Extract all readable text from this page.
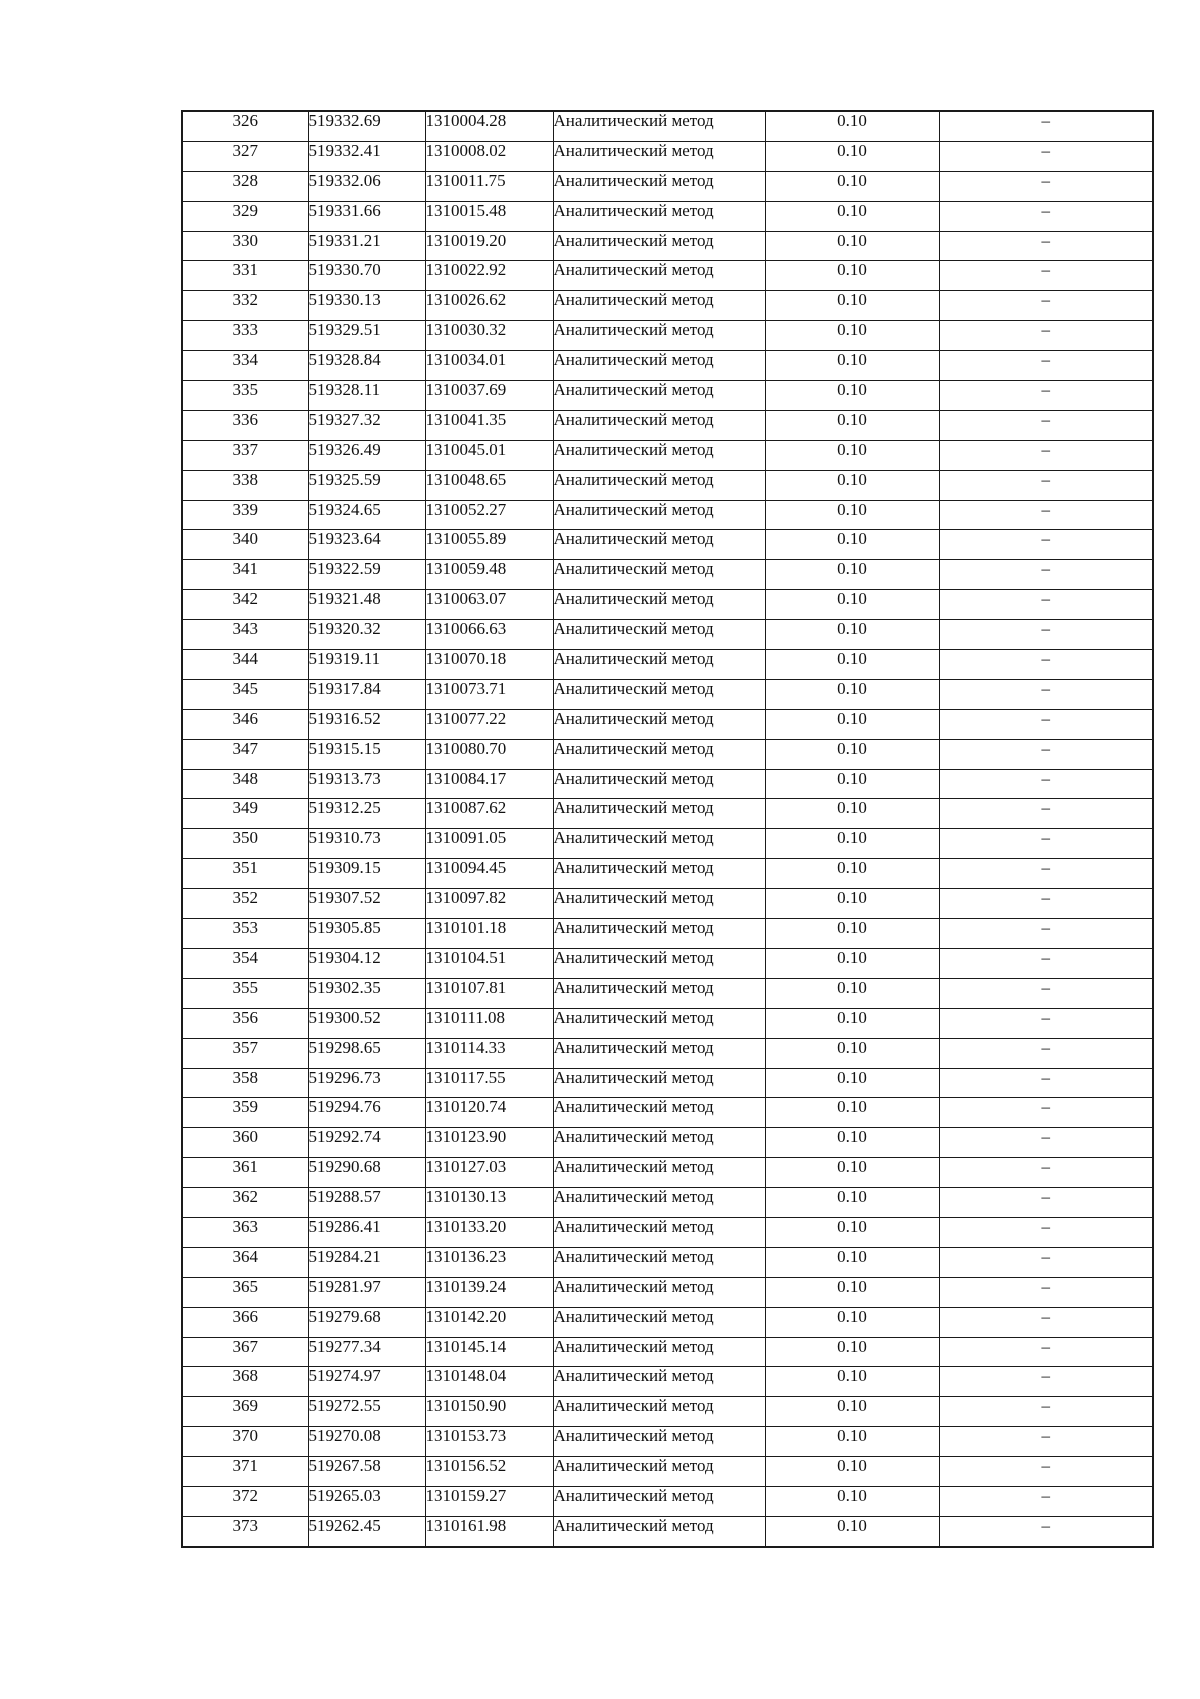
326	519332.69	1310004.28	Аналитический метод	0.10	–
327	519332.41	1310008.02	Аналитический метод	0.10	–
328	519332.06	1310011.75	Аналитический метод	0.10	–
329	519331.66	1310015.48	Аналитический метод	0.10	–
330	519331.21	1310019.20	Аналитический метод	0.10	–
331	519330.70	1310022.92	Аналитический метод	0.10	–
332	519330.13	1310026.62	Аналитический метод	0.10	–
333	519329.51	1310030.32	Аналитический метод	0.10	–
334	519328.84	1310034.01	Аналитический метод	0.10	–
335	519328.11	1310037.69	Аналитический метод	0.10	–
336	519327.32	1310041.35	Аналитический метод	0.10	–
337	519326.49	1310045.01	Аналитический метод	0.10	–
338	519325.59	1310048.65	Аналитический метод	0.10	–
339	519324.65	1310052.27	Аналитический метод	0.10	–
340	519323.64	1310055.89	Аналитический метод	0.10	–
341	519322.59	1310059.48	Аналитический метод	0.10	–
342	519321.48	1310063.07	Аналитический метод	0.10	–
343	519320.32	1310066.63	Аналитический метод	0.10	–
344	519319.11	1310070.18	Аналитический метод	0.10	–
345	519317.84	1310073.71	Аналитический метод	0.10	–
346	519316.52	1310077.22	Аналитический метод	0.10	–
347	519315.15	1310080.70	Аналитический метод	0.10	–
348	519313.73	1310084.17	Аналитический метод	0.10	–
349	519312.25	1310087.62	Аналитический метод	0.10	–
350	519310.73	1310091.05	Аналитический метод	0.10	–
351	519309.15	1310094.45	Аналитический метод	0.10	–
352	519307.52	1310097.82	Аналитический метод	0.10	–
353	519305.85	1310101.18	Аналитический метод	0.10	–
354	519304.12	1310104.51	Аналитический метод	0.10	–
355	519302.35	1310107.81	Аналитический метод	0.10	–
356	519300.52	1310111.08	Аналитический метод	0.10	–
357	519298.65	1310114.33	Аналитический метод	0.10	–
358	519296.73	1310117.55	Аналитический метод	0.10	–
359	519294.76	1310120.74	Аналитический метод	0.10	–
360	519292.74	1310123.90	Аналитический метод	0.10	–
361	519290.68	1310127.03	Аналитический метод	0.10	–
362	519288.57	1310130.13	Аналитический метод	0.10	–
363	519286.41	1310133.20	Аналитический метод	0.10	–
364	519284.21	1310136.23	Аналитический метод	0.10	–
365	519281.97	1310139.24	Аналитический метод	0.10	–
366	519279.68	1310142.20	Аналитический метод	0.10	–
367	519277.34	1310145.14	Аналитический метод	0.10	–
368	519274.97	1310148.04	Аналитический метод	0.10	–
369	519272.55	1310150.90	Аналитический метод	0.10	–
370	519270.08	1310153.73	Аналитический метод	0.10	–
371	519267.58	1310156.52	Аналитический метод	0.10	–
372	519265.03	1310159.27	Аналитический метод	0.10	–
373	519262.45	1310161.98	Аналитический метод	0.10	–
